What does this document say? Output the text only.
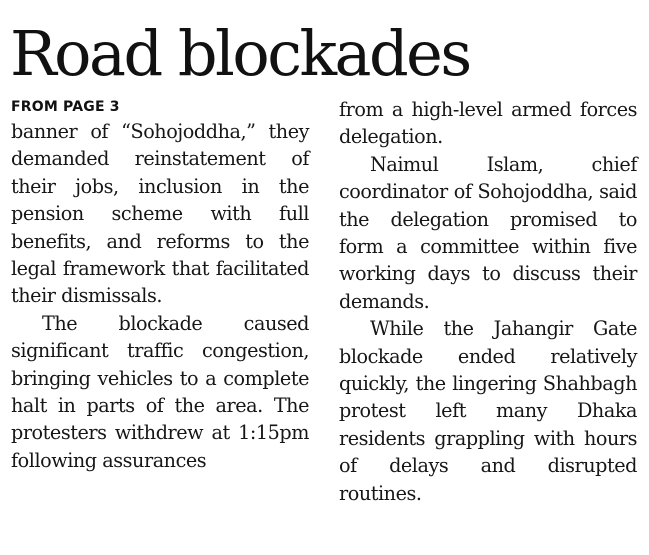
Road blockades
FROM PAGE 3

banner of “Sohojoddha,” they demanded reinstatement of their jobs, inclusion in the pension scheme with full benefits, and reforms to the legal framework that facilitated their dismissals.

The blockade caused significant traffic congestion, bringing vehicles to a complete halt in parts of the area. The protesters withdrew at 1:15pm following assurances

from a high-level armed forces delegation.

Naimul Islam, chief coordinator of Sohojoddha, said the delegation promised to form a committee within five working days to discuss their demands.

While the Jahangir Gate blockade ended relatively quickly, the lingering Shahbagh protest left many Dhaka residents grappling with hours of delays and disrupted routines.
